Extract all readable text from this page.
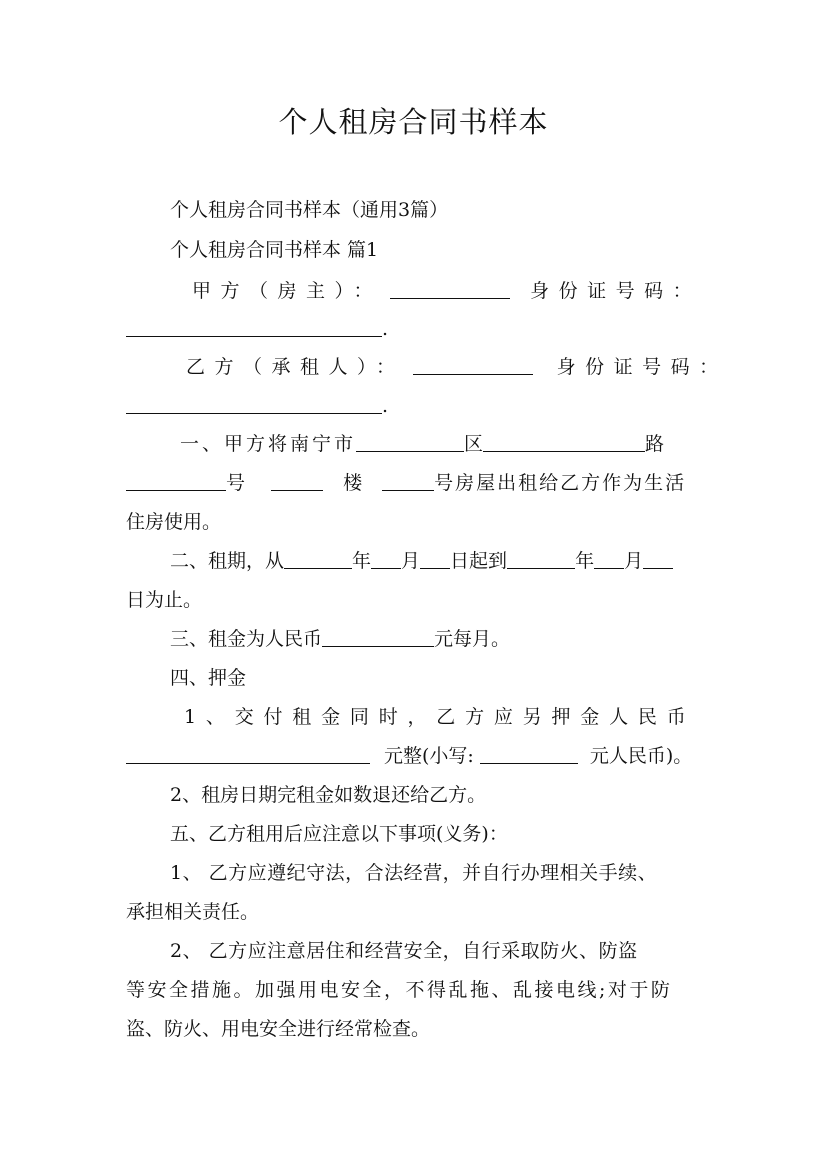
个人租房合同书样本
个人租房合同书样本（通用3篇）
个人租房合同书样本 篇1
甲方（房主）：	身份证号码：
.
乙方（承租人）：	身份证号码：
.
一、甲方将南宁市	区	路
号	楼	号房屋出租给乙方作为生活
住房使用。
二、租期，从	年 月 日起到	年 月
日为止。
三、租金为人民币	元每月。
四、押金
1、交付租金同时，乙方应另押金人民币
元整(小写:	元人民币)。
2、租房日期完租金如数退还给乙方。
五、乙方租用后应注意以下事项(义务)：
1、 乙方应遵纪守法，合法经营，并自行办理相关手续、
承担相关责任。
2、 乙方应注意居住和经营安全，自行采取防火、防盗
等安全措施。加强用电安全，不得乱拖、乱接电线;对于防
盗、防火、用电安全进行经常检查。
